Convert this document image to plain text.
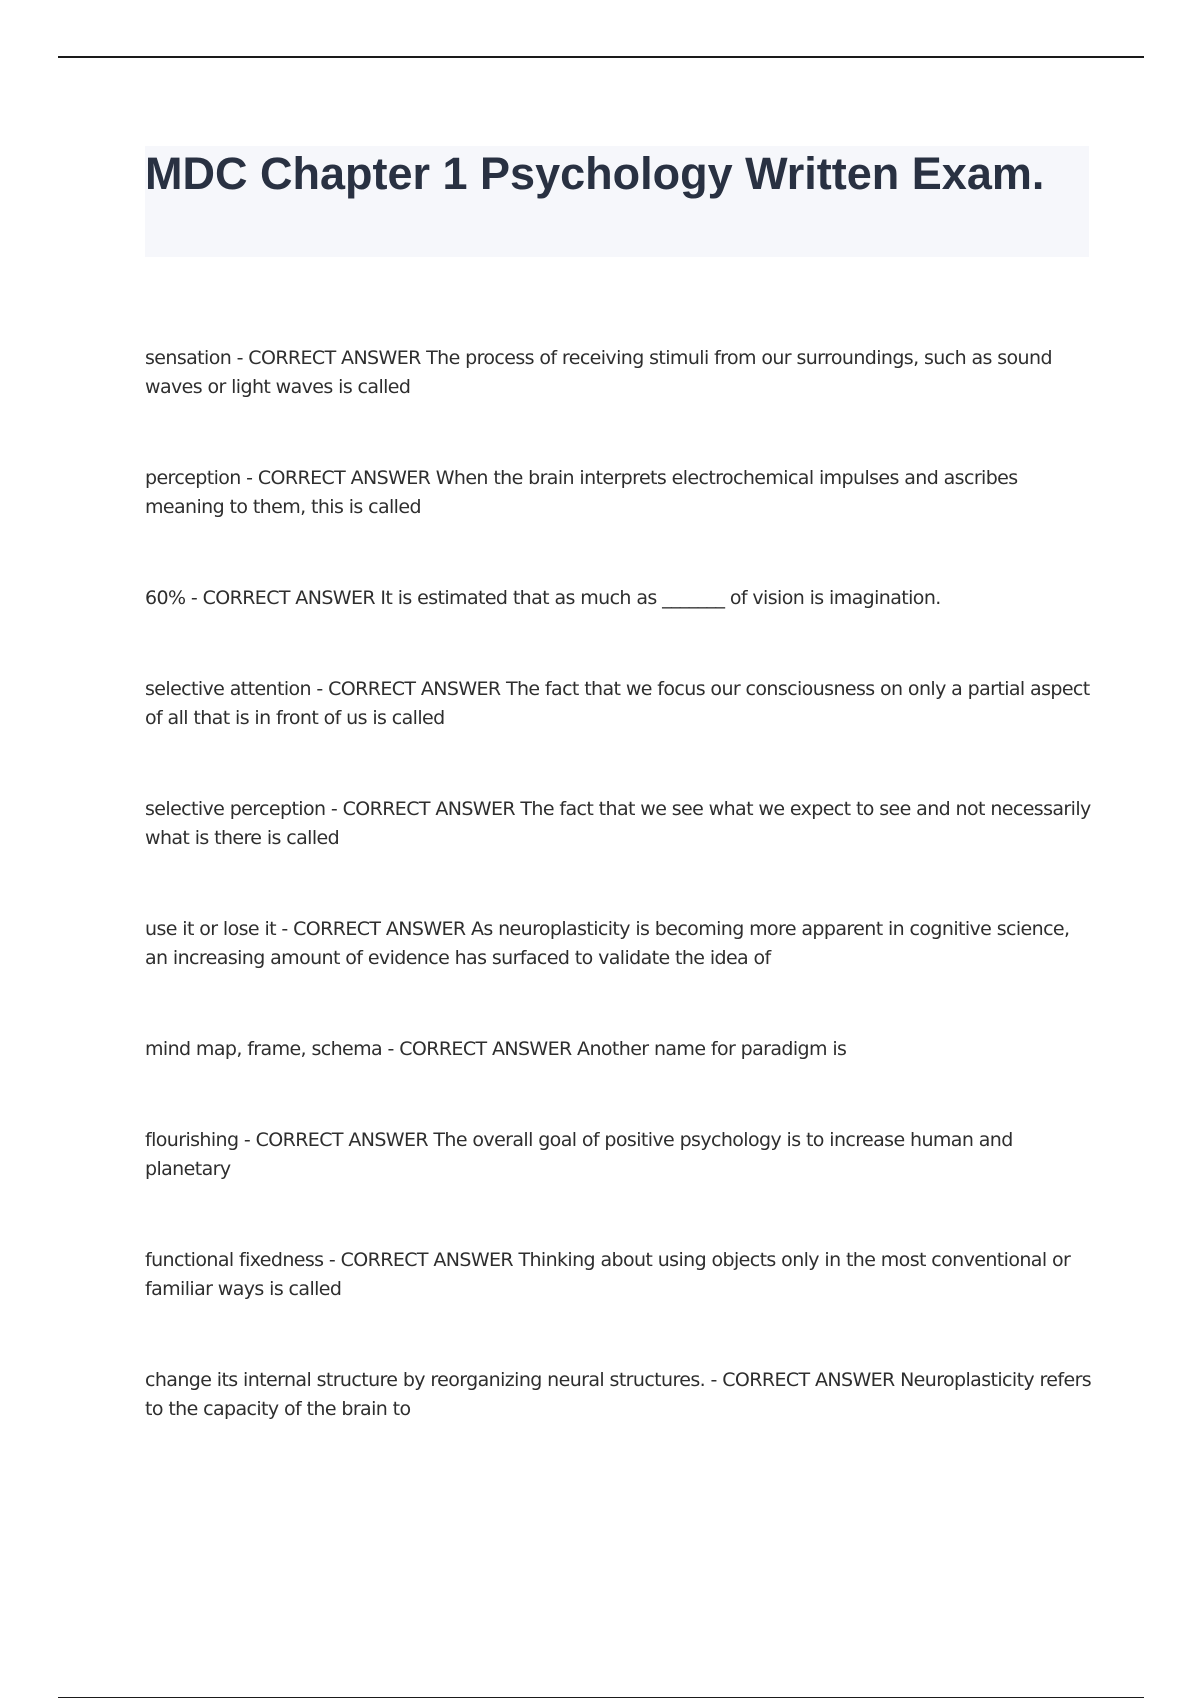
MDC Chapter 1 Psychology Written Exam.
sensation - CORRECT ANSWER The process of receiving stimuli from our surroundings, such as sound waves or light waves is called
perception - CORRECT ANSWER When the brain interprets electrochemical impulses and ascribes meaning to them, this is called
60% - CORRECT ANSWER It is estimated that as much as _______ of vision is imagination.
selective attention - CORRECT ANSWER The fact that we focus our consciousness on only a partial aspect of all that is in front of us is called
selective perception - CORRECT ANSWER The fact that we see what we expect to see and not necessarily what is there is called
use it or lose it - CORRECT ANSWER As neuroplasticity is becoming more apparent in cognitive science, an increasing amount of evidence has surfaced to validate the idea of
mind map, frame, schema - CORRECT ANSWER Another name for paradigm is
flourishing - CORRECT ANSWER The overall goal of positive psychology is to increase human and planetary
functional fixedness - CORRECT ANSWER Thinking about using objects only in the most conventional or familiar ways is called
change its internal structure by reorganizing neural structures. - CORRECT ANSWER Neuroplasticity refers to the capacity of the brain to
